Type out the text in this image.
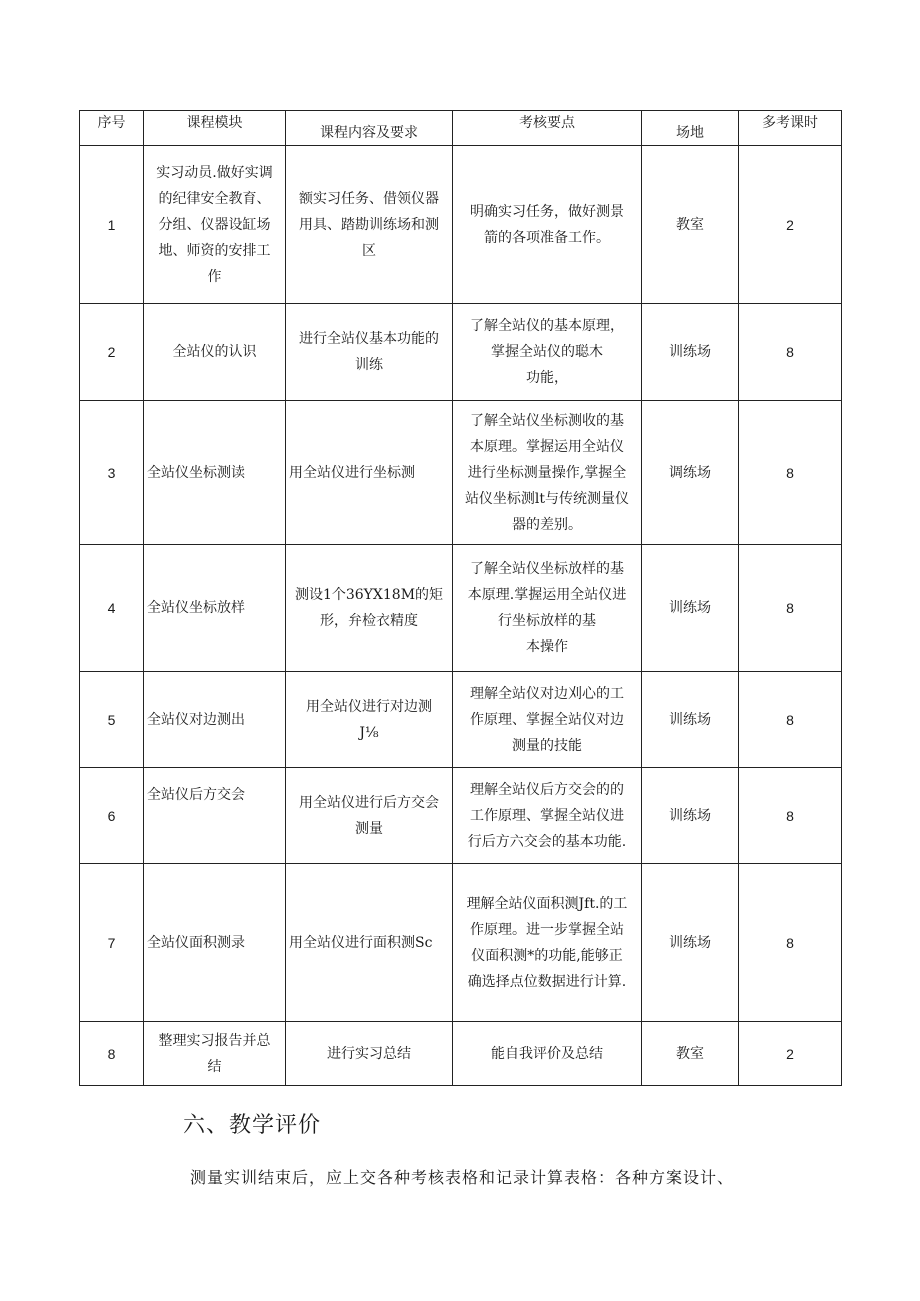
序号	课程模块	课程内容及要求	考核要点	场地	多考课时
1	实习动员.做好实调
的纪律安全教育、
分组、仪器设缸场
地、师资的安排工
作	额实习任务、借领仪器
用具、踏勘训练场和测
区	明确实习任务，做好测景
箭的各项准备工作。	教室	2
2	全站仪的认识	进行全站仪基本功能的
训练	了解全站仪的基本原理，
掌握全站仪的聪木
功能，	训练场	8
3	全站仪坐标测读	用全站仪进行坐标测	了解全站仪坐标测收的基
本原理。掌握运用全站仪
进行坐标测量操作,掌握全
站仪坐标测lt与传统测量仪
器的差别。	调练场	8
4	全站仪坐标放样	测设1个36YX18M的矩
形，弁检衣精度	了解全站仪坐标放样的基
本原理.掌握运用全站仪进
行坐标放样的基
本操作	训练场	8
5	全站仪对边测出	用全站仪进行对边测
J⅛	理解全站仪对边刈心的工
作原理、掌握全站仪对边
测量的技能	训练场	8
6	全站仪后方交会	用全站仪进行后方交会
测量	理解全站仪后方交会的的
工作原理、掌握全站仪进
行后方六交会的基本功能.	训练场	8
7	全站仪面积测录	用全站仪进行面积测Sc	理解全站仪面积测Jft.的工
作原理。进一步掌握全站
仪面积测*的功能,能够正
确选择点位数据进行计算.	训练场	8
8	整理实习报告并总
结	进行实习总结	能自我评价及总结	教室	2
六、教学评价

测量实训结束后，应上交各种考核表格和记录计算表格：各种方案设计、
